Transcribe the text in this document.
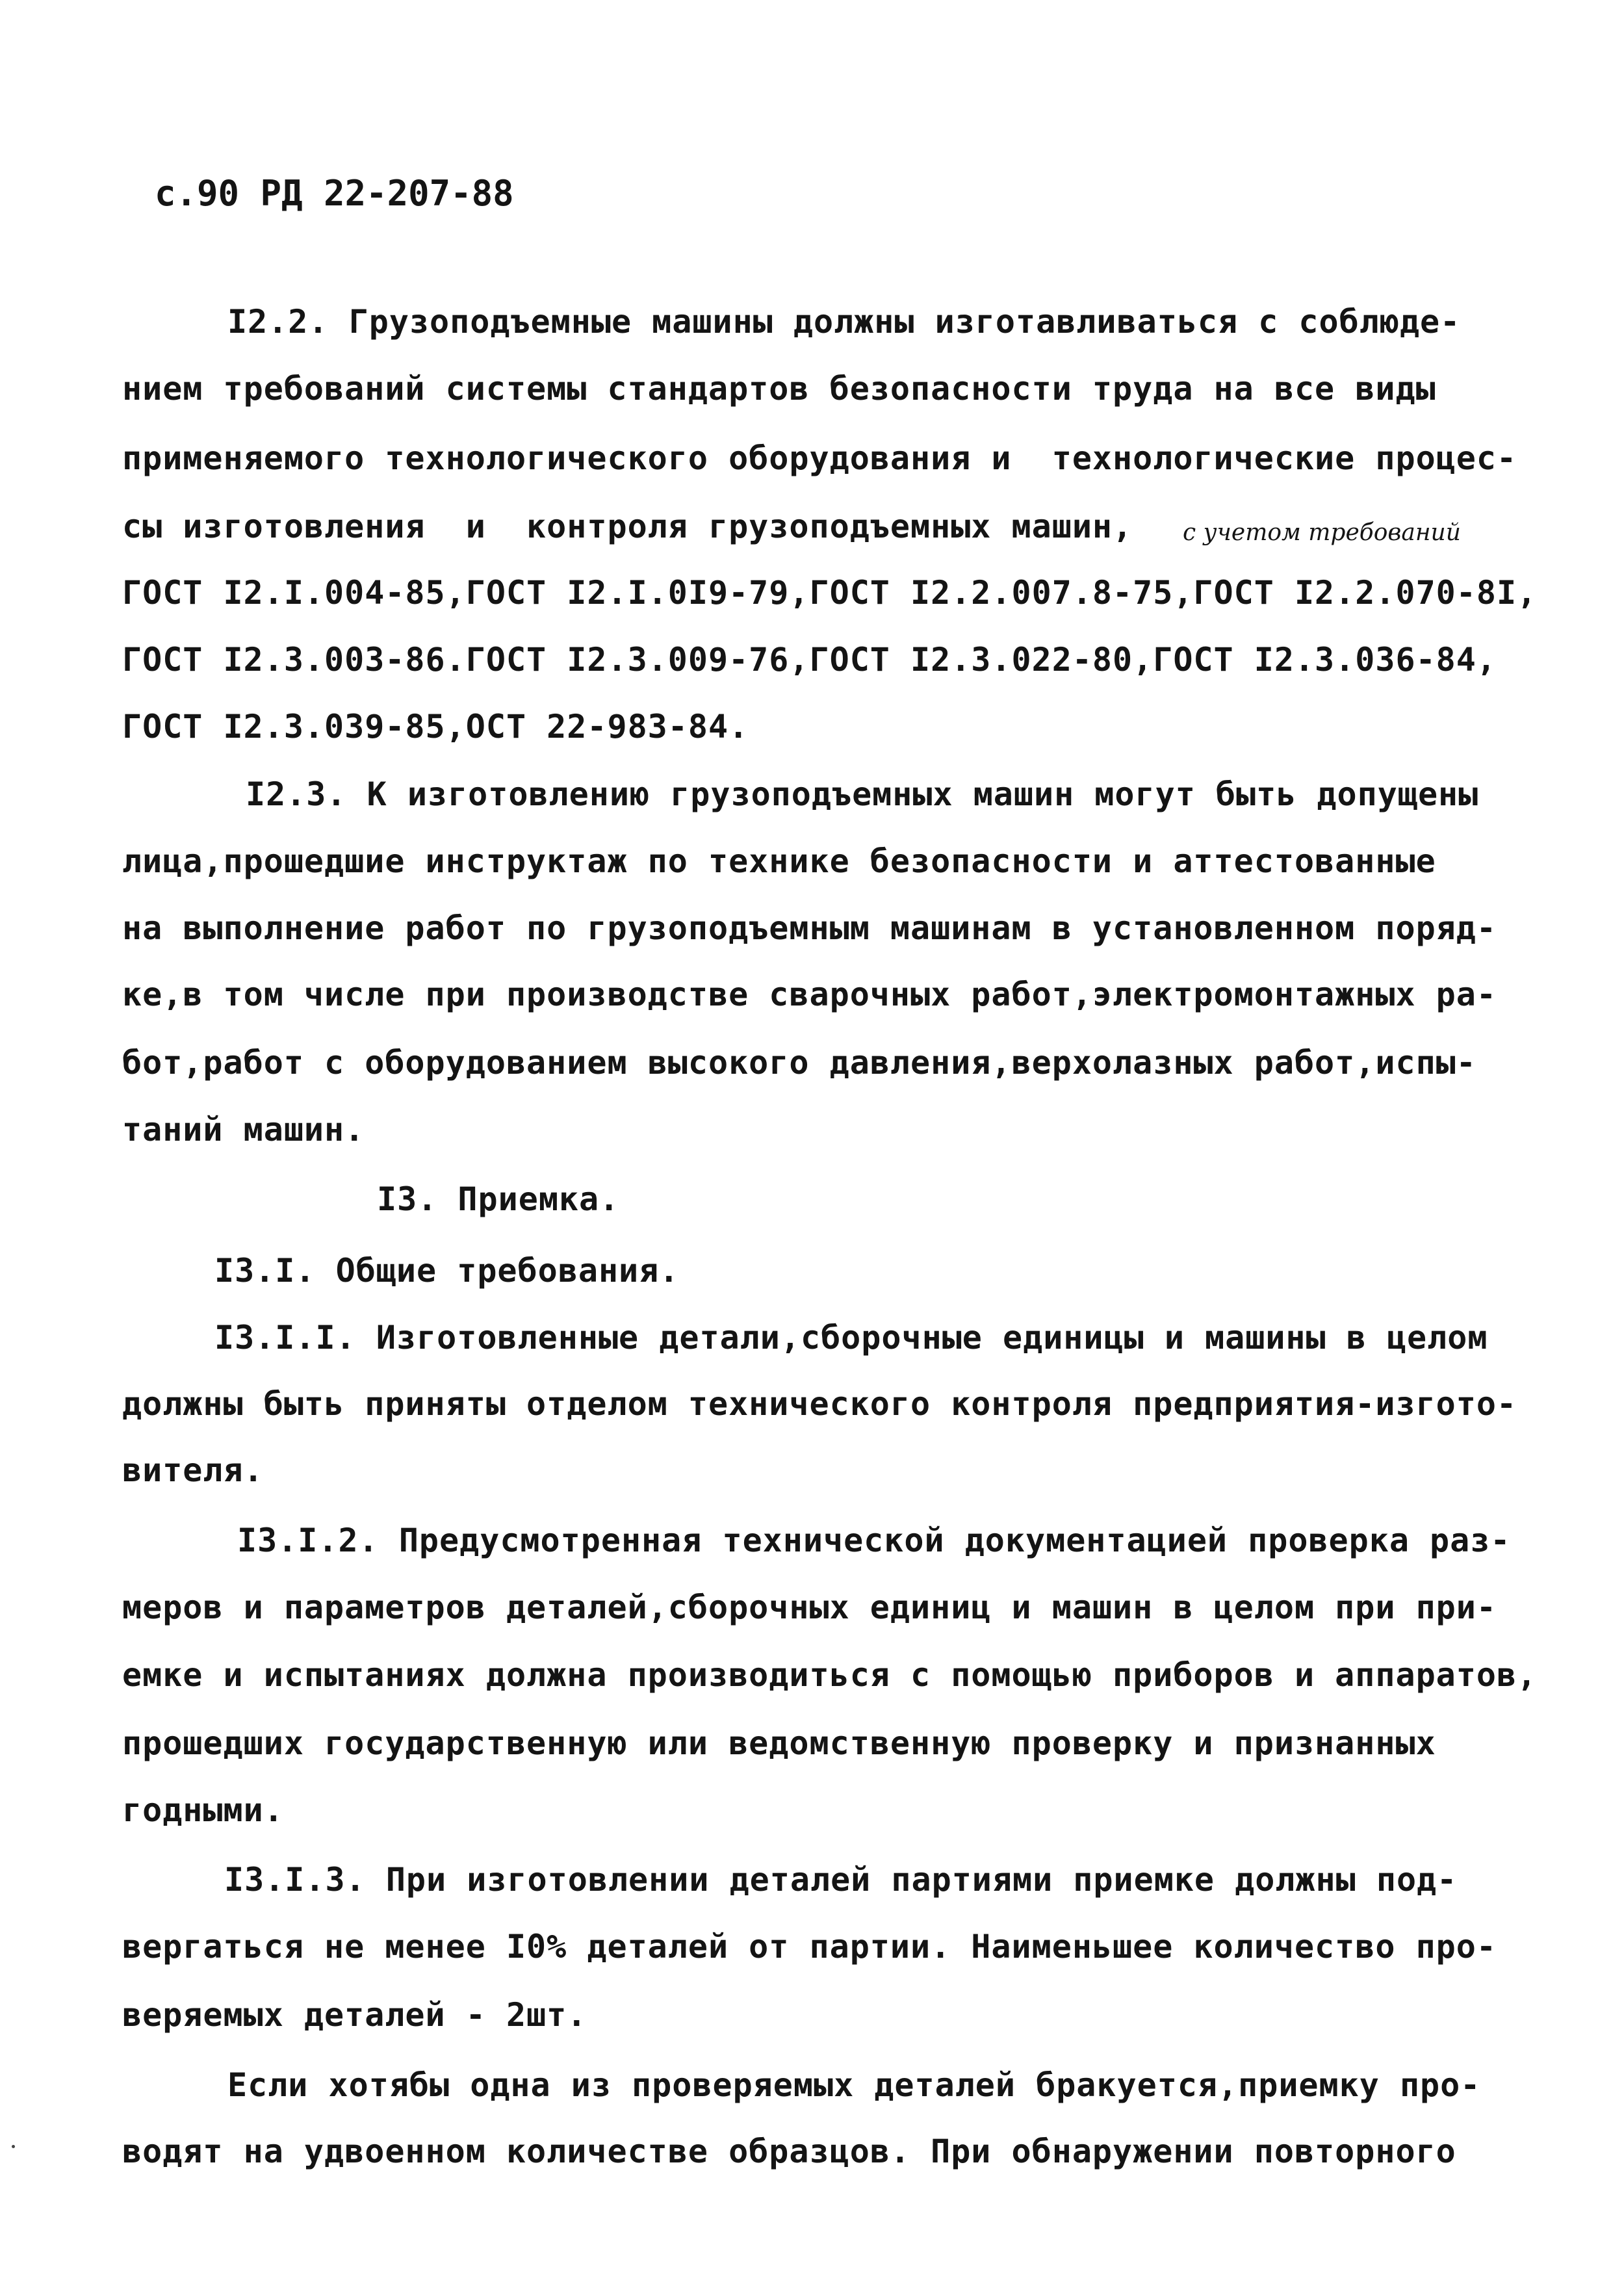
с.90 РД 22-207-88
I2.2. Грузоподъемные машины должны изготавливаться с соблюде-
нием требований системы стандартов безопасности труда на все виды
применяемого технологического оборудования и  технологические процес-
сы изготовления  и  контроля грузоподъемных машин, с учетом требований
ГОСТ I2.I.004-85,ГОСТ I2.I.0I9-79,ГОСТ I2.2.007.8-75,ГОСТ I2.2.070-8I,
ГОСТ I2.3.003-86.ГОСТ I2.3.009-76,ГОСТ I2.3.022-80,ГОСТ I2.3.036-84,
ГОСТ I2.3.039-85,ОСТ 22-983-84.
I2.3. К изготовлению грузоподъемных машин могут быть допущены
лица,прошедшие инструктаж по технике безопасности и аттестованные
на выполнение работ по грузоподъемным машинам в установленном поряд-
ке,в том числе при производстве сварочных работ,электромонтажных ра-
бот,работ с оборудованием высокого давления,верхолазных работ,испы-
таний машин.
I3. Приемка.
I3.I. Общие требования.
I3.I.I. Изготовленные детали,сборочные единицы и машины в целом
должны быть приняты отделом технического контроля предприятия-изгото-
вителя.
I3.I.2. Предусмотренная технической документацией проверка раз-
меров и параметров деталей,сборочных единиц и машин в целом при при-
емке и испытаниях должна производиться с помощью приборов и аппаратов,
прошедших государственную или ведомственную проверку и признанных
годными.
I3.I.3. При изготовлении деталей партиями приемке должны под-
вергаться не менее I0% деталей от партии. Наименьшее количество про-
веряемых деталей - 2шт.
Если хотябы одна из проверяемых деталей бракуется,приемку про-
водят на удвоенном количестве образцов. При обнаружении повторного
